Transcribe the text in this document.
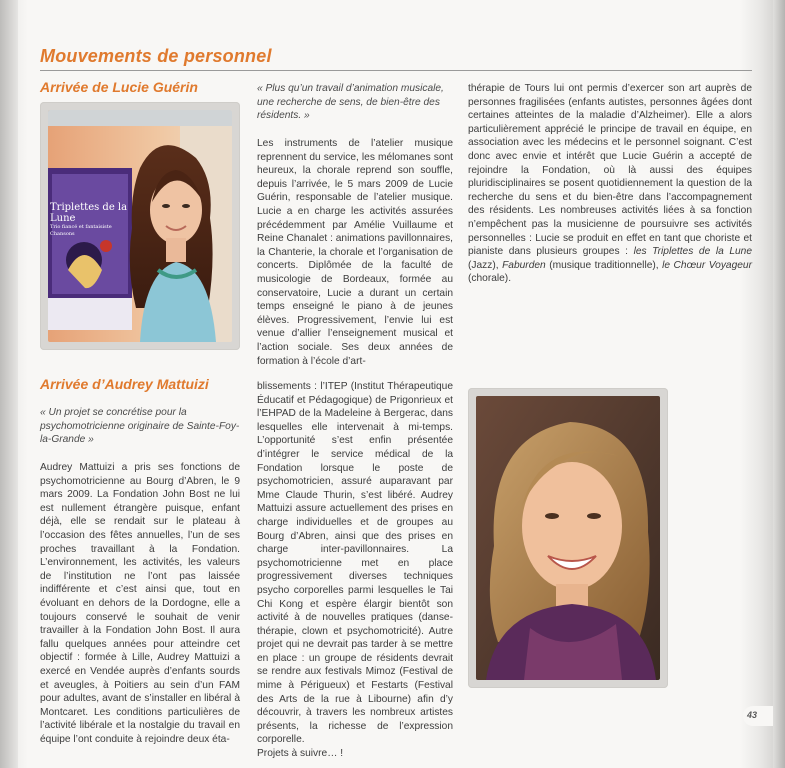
Mouvements de personnel
Arrivée de Lucie Guérin
Triplettes de la Lune
Trio fiancé et fantaisiste Chansons
« Plus qu’un travail d’animation musicale, une recherche de sens, de bien-être des résidents. »

Les instruments de l’atelier musique reprennent du service, les mélomanes sont heureux, la chorale reprend son souffle, depuis l’arrivée, le 5 mars 2009 de Lucie Guérin, responsable de l’atelier musique. Lucie a en charge les activités assurées précédemment par Amélie Vuillaume et Reine Chanalet : animations pavillonnaires, la Chanterie, la chorale et l’organisation de concerts. Diplômée de la faculté de musicologie de Bordeaux, formée au conservatoire, Lucie a durant un certain temps enseigné le piano à de jeunes élèves. Progressivement, l’envie lui est venue d’allier l’enseignement musical et l’action sociale. Ses deux années de formation à l’école d’art-

thérapie de Tours lui ont permis d’exercer son art auprès de personnes fragilisées (enfants autistes, personnes âgées dont certaines atteintes de la maladie d’Alzheimer). Elle a alors particulièrement apprécié le principe de travail en équipe, en association avec les médecins et le personnel soignant. C’est donc avec envie et intérêt que Lucie Guérin a accepté de rejoindre la Fondation, où là aussi des équipes pluridisciplinaires se posent quotidiennement la question de la recherche du sens et du bien-être dans l’accompagnement des résidents. Les nombreuses activités liées à sa fonction n’empêchent pas la musicienne de poursuivre ses activités personnelles : Lucie se produit en effet en tant que choriste et pianiste dans plusieurs groupes : les Triplettes de la Lune (Jazz), Faburden (musique traditionnelle), le Chœur Voyageur (chorale).

Arrivée d’Audrey Mattuizi
« Un projet se concrétise pour la psychomotricienne originaire de Sainte-Foy-la-Grande »

Audrey Mattuizi a pris ses fonctions de psychomotricienne au Bourg d’Abren, le 9 mars 2009. La Fondation John Bost ne lui est nullement étrangère puisque, enfant déjà, elle se rendait sur le plateau à l’occasion des fêtes annuelles, l’un de ses proches travaillant à la Fondation. L’environnement, les activités, les valeurs de l’institution ne l’ont pas laissée indifférente et c’est ainsi que, tout en évoluant en dehors de la Dordogne, elle a toujours conservé le souhait de venir travailler à la Fondation John Bost. Il aura fallu quelques années pour atteindre cet objectif : formée à Lille, Audrey Mattuizi a exercé en Vendée auprès d’enfants sourds et aveugles, à Poitiers au sein d’un FAM pour adultes, avant de s’installer en libéral à Montcaret. Les conditions particulières de l’activité libérale et la nostalgie du travail en équipe l’ont conduite à rejoindre deux éta-

blissements : l’ITEP (Institut Thérapeutique Éducatif et Pédagogique) de Prigonrieux et l’EHPAD de la Madeleine à Bergerac, dans lesquelles elle intervenait à mi-temps. L’opportunité s’est enfin présentée d’intégrer le service médical de la Fondation lorsque le poste de psychomotricien, assuré auparavant par Mme Claude Thurin, s’est libéré. Audrey Mattuizi assure actuellement des prises en charge individuelles et de groupes au Bourg d’Abren, ainsi que des prises en charge inter-pavillonnaires. La psychomotricienne met en place progressivement diverses techniques psycho corporelles parmi lesquelles le Tai Chi Kong et espère élargir bientôt son activité à de nouvelles pratiques (danse-thérapie, clown et psychomotricité). Autre projet qui ne devrait pas tarder à se mettre en place : un groupe de résidents devrait se rendre aux festivals Mimoz (Festival de mime à Périgueux) et Festarts (Festival des Arts de la rue à Libourne) afin d’y découvrir, à travers les nombreux artistes présents, la richesse de l’expression corporelle.

Projets à suivre… !

43
